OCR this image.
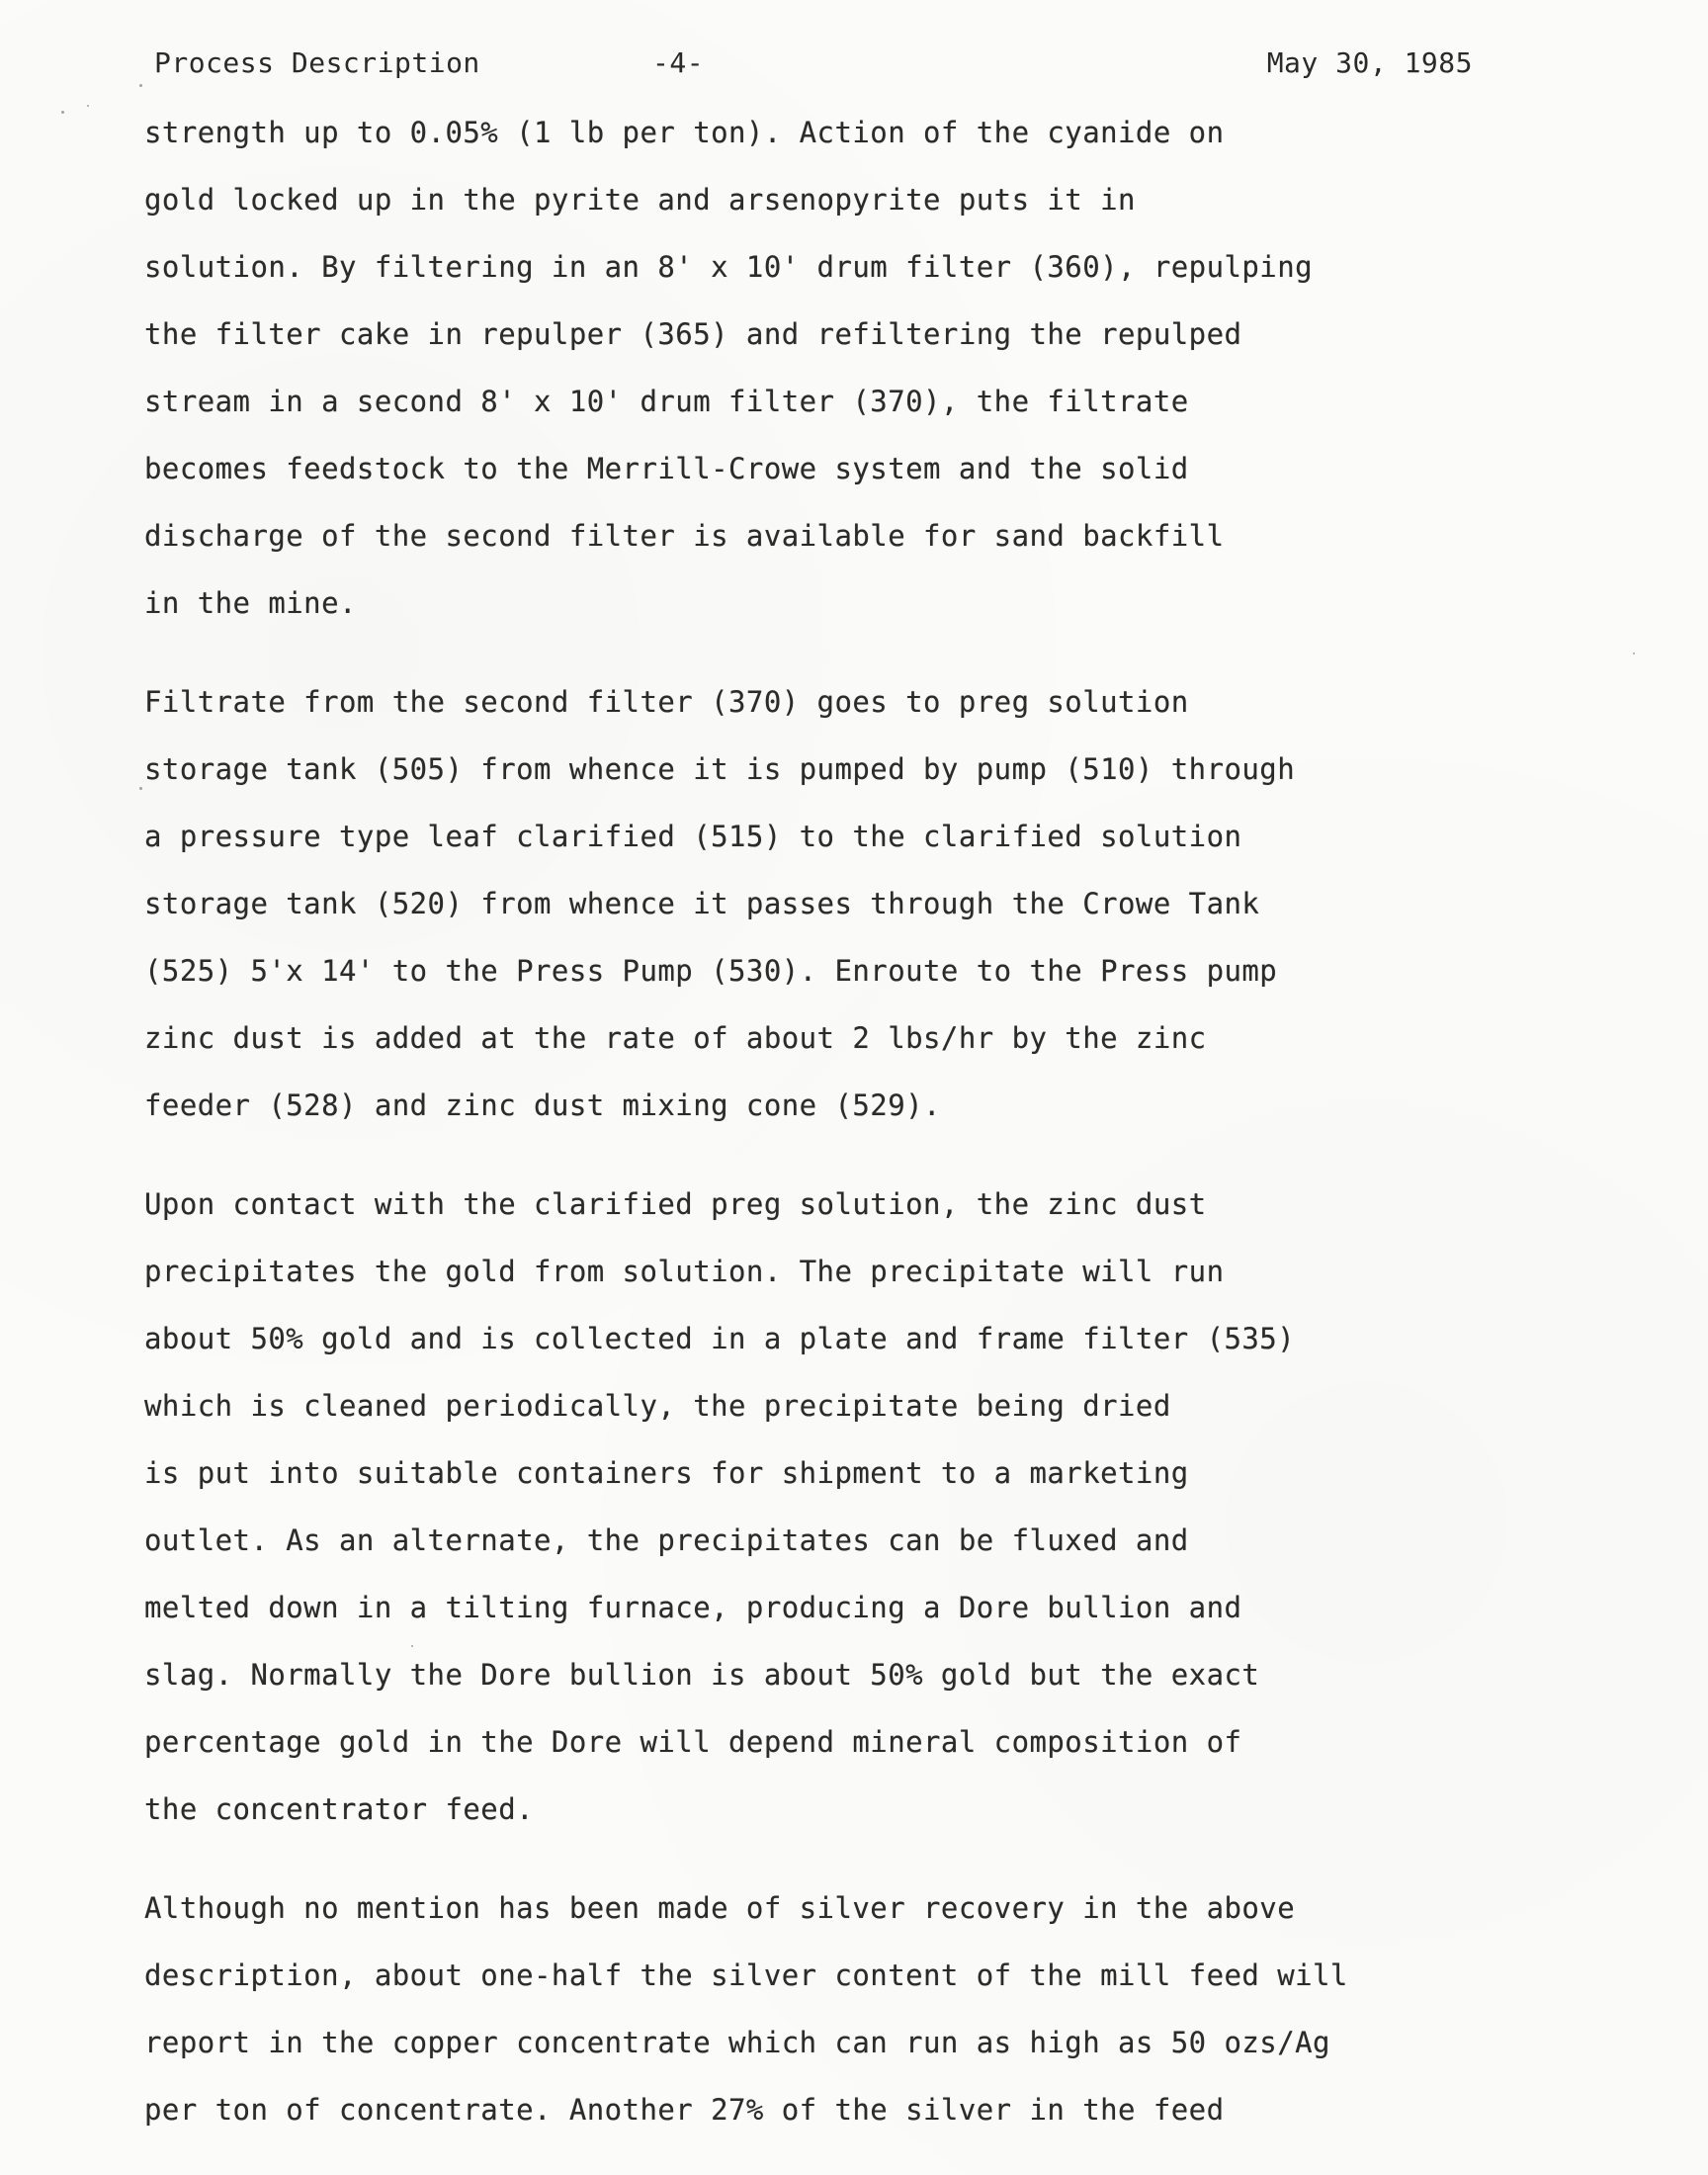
Process Description	-4-	May 30, 1985
strength up to 0.05% (1 lb per ton). Action of the cyanide on
gold locked up in the pyrite and arsenopyrite puts it in
solution. By filtering in an 8' x 10' drum filter (360), repulping
the filter cake in repulper (365) and refiltering the repulped
stream in a second 8' x 10' drum filter (370), the filtrate
becomes feedstock to the Merrill-Crowe system and the solid
discharge of the second filter is available for sand backfill
in the mine.
Filtrate from the second filter (370) goes to preg solution
storage tank (505) from whence it is pumped by pump (510) through
a pressure type leaf clarified (515) to the clarified solution
storage tank (520) from whence it passes through the Crowe Tank
(525) 5'x 14' to the Press Pump (530). Enroute to the Press pump
zinc dust is added at the rate of about 2 lbs/hr by the zinc
feeder (528) and zinc dust mixing cone (529).
Upon contact with the clarified preg solution, the zinc dust
precipitates the gold from solution. The precipitate will run
about 50% gold and is collected in a plate and frame filter (535)
which is cleaned periodically, the precipitate being dried
is put into suitable containers for shipment to a marketing
outlet. As an alternate, the precipitates can be fluxed and
melted down in a tilting furnace, producing a Dore bullion and
slag. Normally the Dore bullion is about 50% gold but the exact
percentage gold in the Dore will depend mineral composition of
the concentrator feed.
Although no mention has been made of silver recovery in the above
description, about one-half the silver content of the mill feed will
report in the copper concentrate which can run as high as 50 ozs/Ag
per ton of concentrate. Another 27% of the silver in the feed
